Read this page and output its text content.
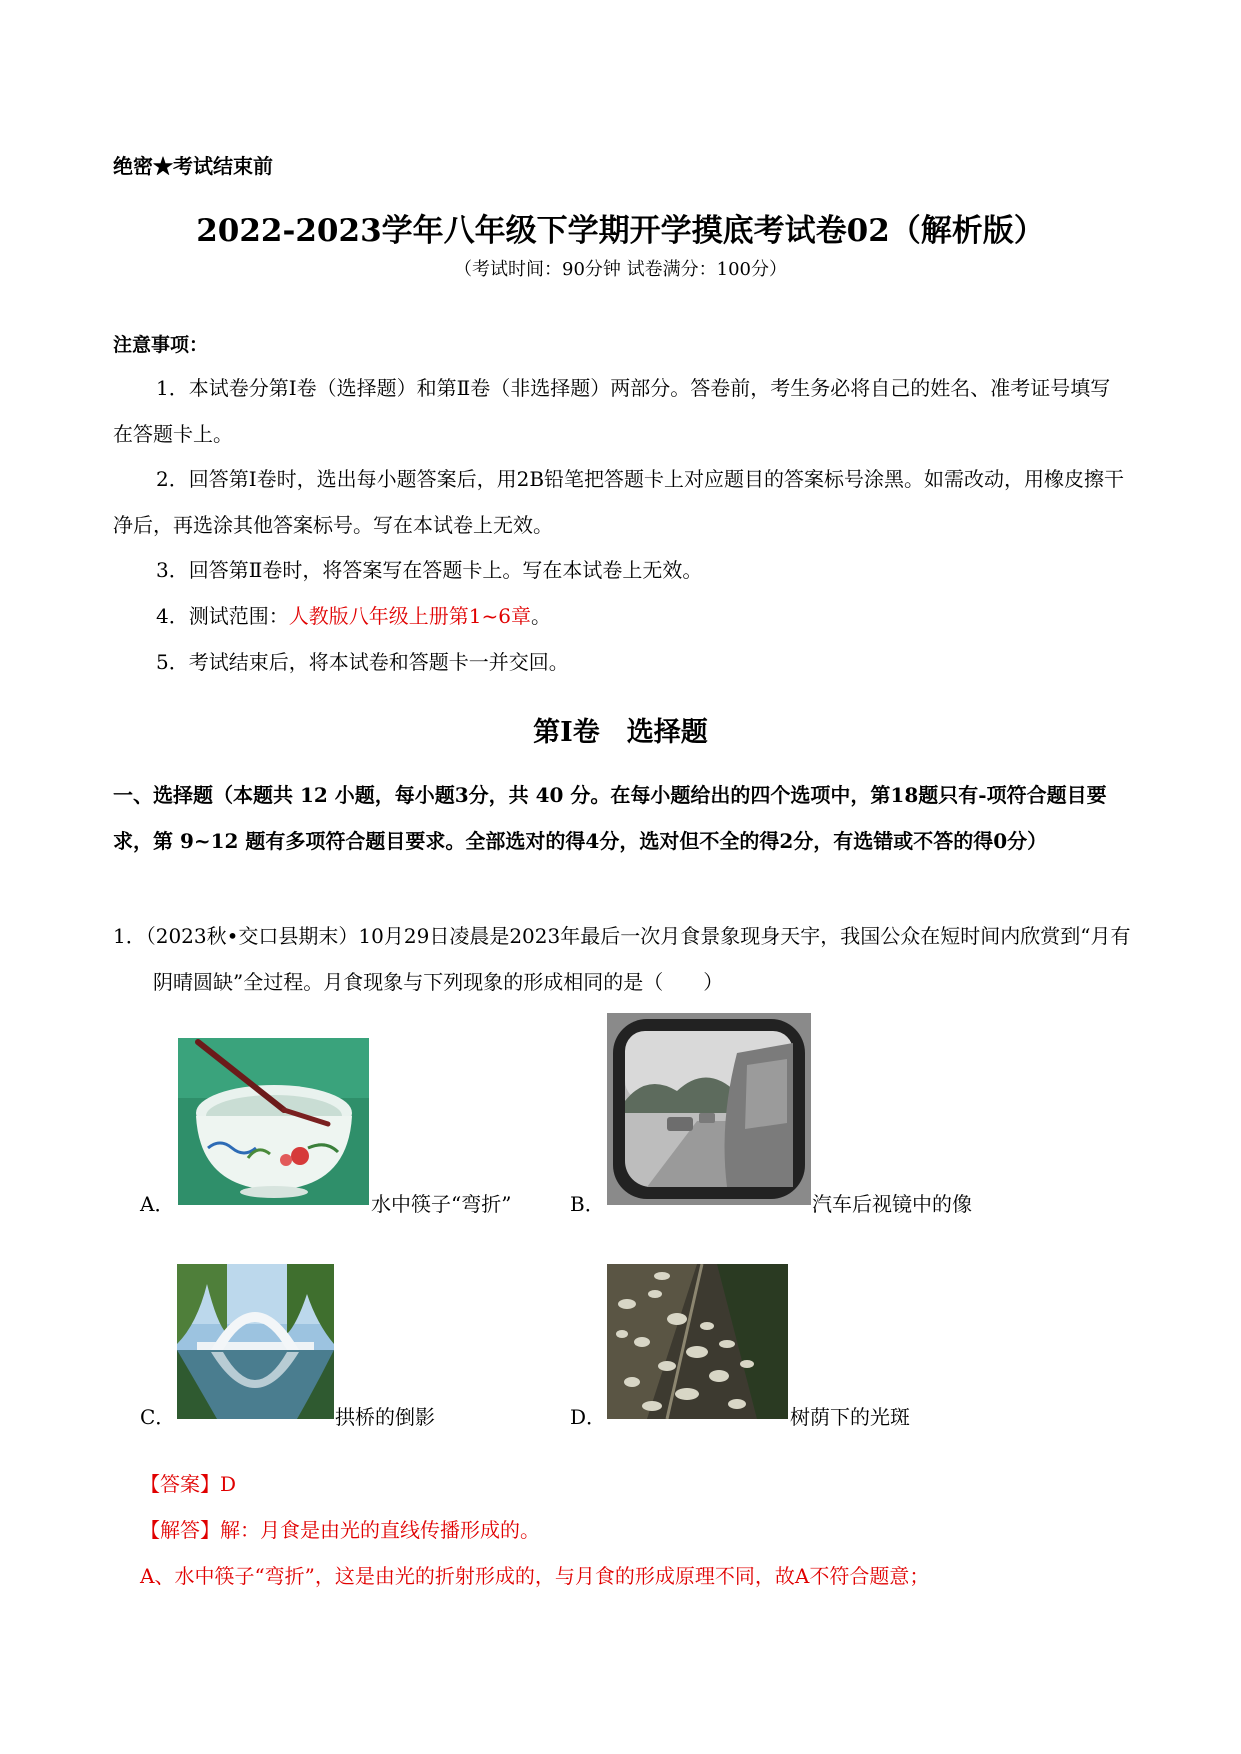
绝密★考试结束前
2022-2023学年八年级下学期开学摸底考试卷02（解析版）
（考试时间：90分钟 试卷满分：100分）
注意事项：
1．本试卷分第Ⅰ卷（选择题）和第Ⅱ卷（非选择题）两部分。答卷前，考生务必将自己的姓名、准考证号填写在答题卡上。
2．回答第Ⅰ卷时，选出每小题答案后，用2B铅笔把答题卡上对应题目的答案标号涂黑。如需改动，用橡皮擦干净后，再选涂其他答案标号。写在本试卷上无效。
3．回答第Ⅱ卷时，将答案写在答题卡上。写在本试卷上无效。
4．测试范围：人教版八年级上册第1~6章。
5．考试结束后，将本试卷和答题卡一并交回。
第Ⅰ卷　选择题
一、选择题（本题共 12 小题，每小题3分，共 40 分。在每小题给出的四个选项中，第18题只有-项符合题目要求，第 9~12 题有多项符合题目要求。全部选对的得4分，选对但不全的得2分，有选错或不答的得0分）
1．（2023秋•交口县期末）10月29日凌晨是2023年最后一次月食景象现身天宇，我国公众在短时间内欣赏到“月有阴晴圆缺”全过程。月食现象与下列现象的形成相同的是（　　）
A．	水中筷子“弯折”	B．	汽车后视镜中的像
C．	拱桥的倒影	D．	树荫下的光斑
【答案】D
【解答】解：月食是由光的直线传播形成的。
A、水中筷子“弯折”，这是由光的折射形成的，与月食的形成原理不同，故A不符合题意；
